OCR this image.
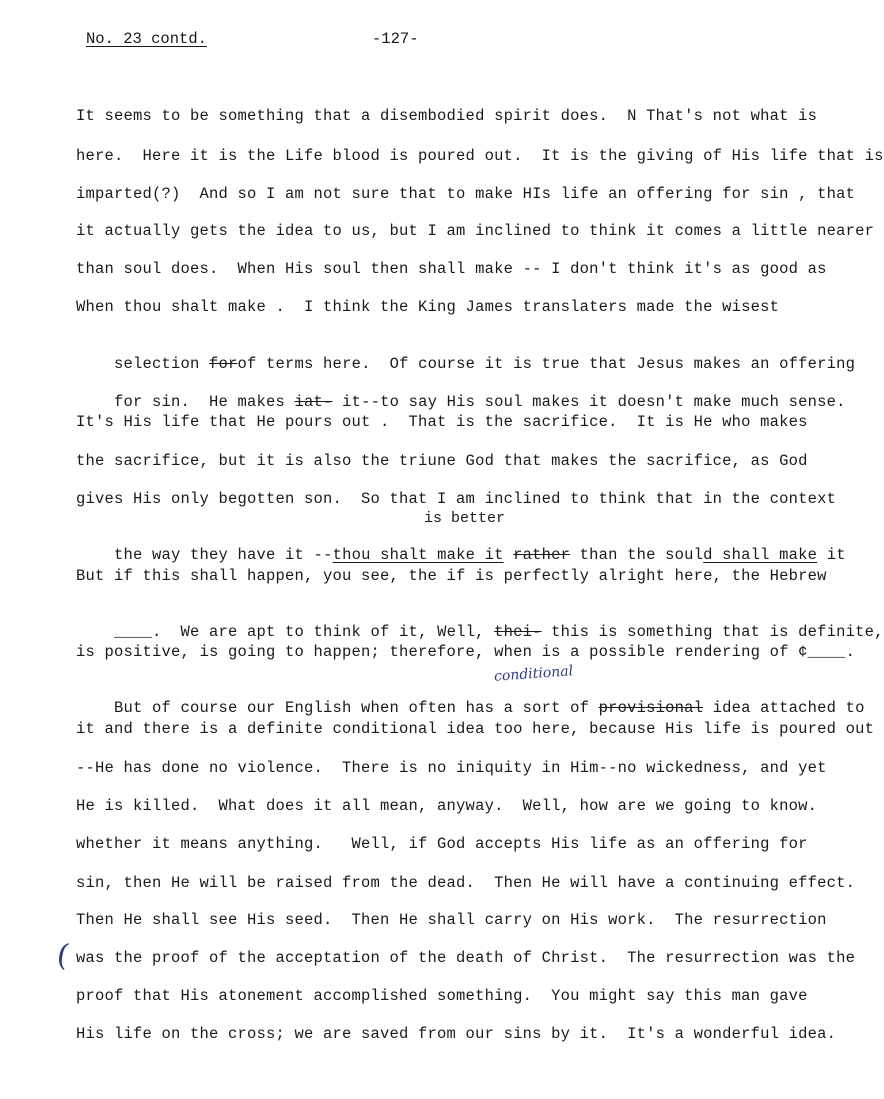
No. 23 contd.	-127-
It seems to be something that a disembodied spirit does.  N That's not what is
here.  Here it is the Life blood is poured out.  It is the giving of His life that is
imparted(?)  And so I am not sure that to make HIs life an offering for sin , that
it actually gets the idea to us, but I am inclined to think it comes a little nearer
than soul does.  When His soul then shall make -- I don't think it's as good as
When thou shalt make .  I think the King James translaters made the wisest

selection forof terms here.  Of course it is true that Jesus makes an offering

for sin.  He makes iat- it--to say His soul makes it doesn't make much sense.

It's His life that He pours out .  That is the sacrifice.  It is He who makes
the sacrifice, but it is also the triune God that makes the sacrifice, as God
gives His only begotten son.  So that I am inclined to think that in the context
is better

the way they have it --thou shalt make it rather than the sould shall make it

But if this shall happen, you see, the if is perfectly alright here, the Hebrew

____.  We are apt to think of it, Well, thei- this is something that is definite,

is positive, is going to happen; therefore, when is a possible rendering of ¢____.
conditional

But of course our English when often has a sort of provisional idea attached to

it and there is a definite conditional idea too here, because His life is poured out
--He has done no violence.  There is no iniquity in Him--no wickedness, and yet
He is killed.  What does it all mean, anyway.  Well, how are we going to know.
whether it means anything.   Well, if God accepts His life as an offering for
sin, then He will be raised from the dead.  Then He will have a continuing effect.
Then He shall see His seed.  Then He shall carry on His work.  The resurrection
( was the proof of the acceptation of the death of Christ.  The resurrection was the
proof that His atonement accomplished something.  You might say this man gave
His life on the cross; we are saved from our sins by it.  It's a wonderful idea.
